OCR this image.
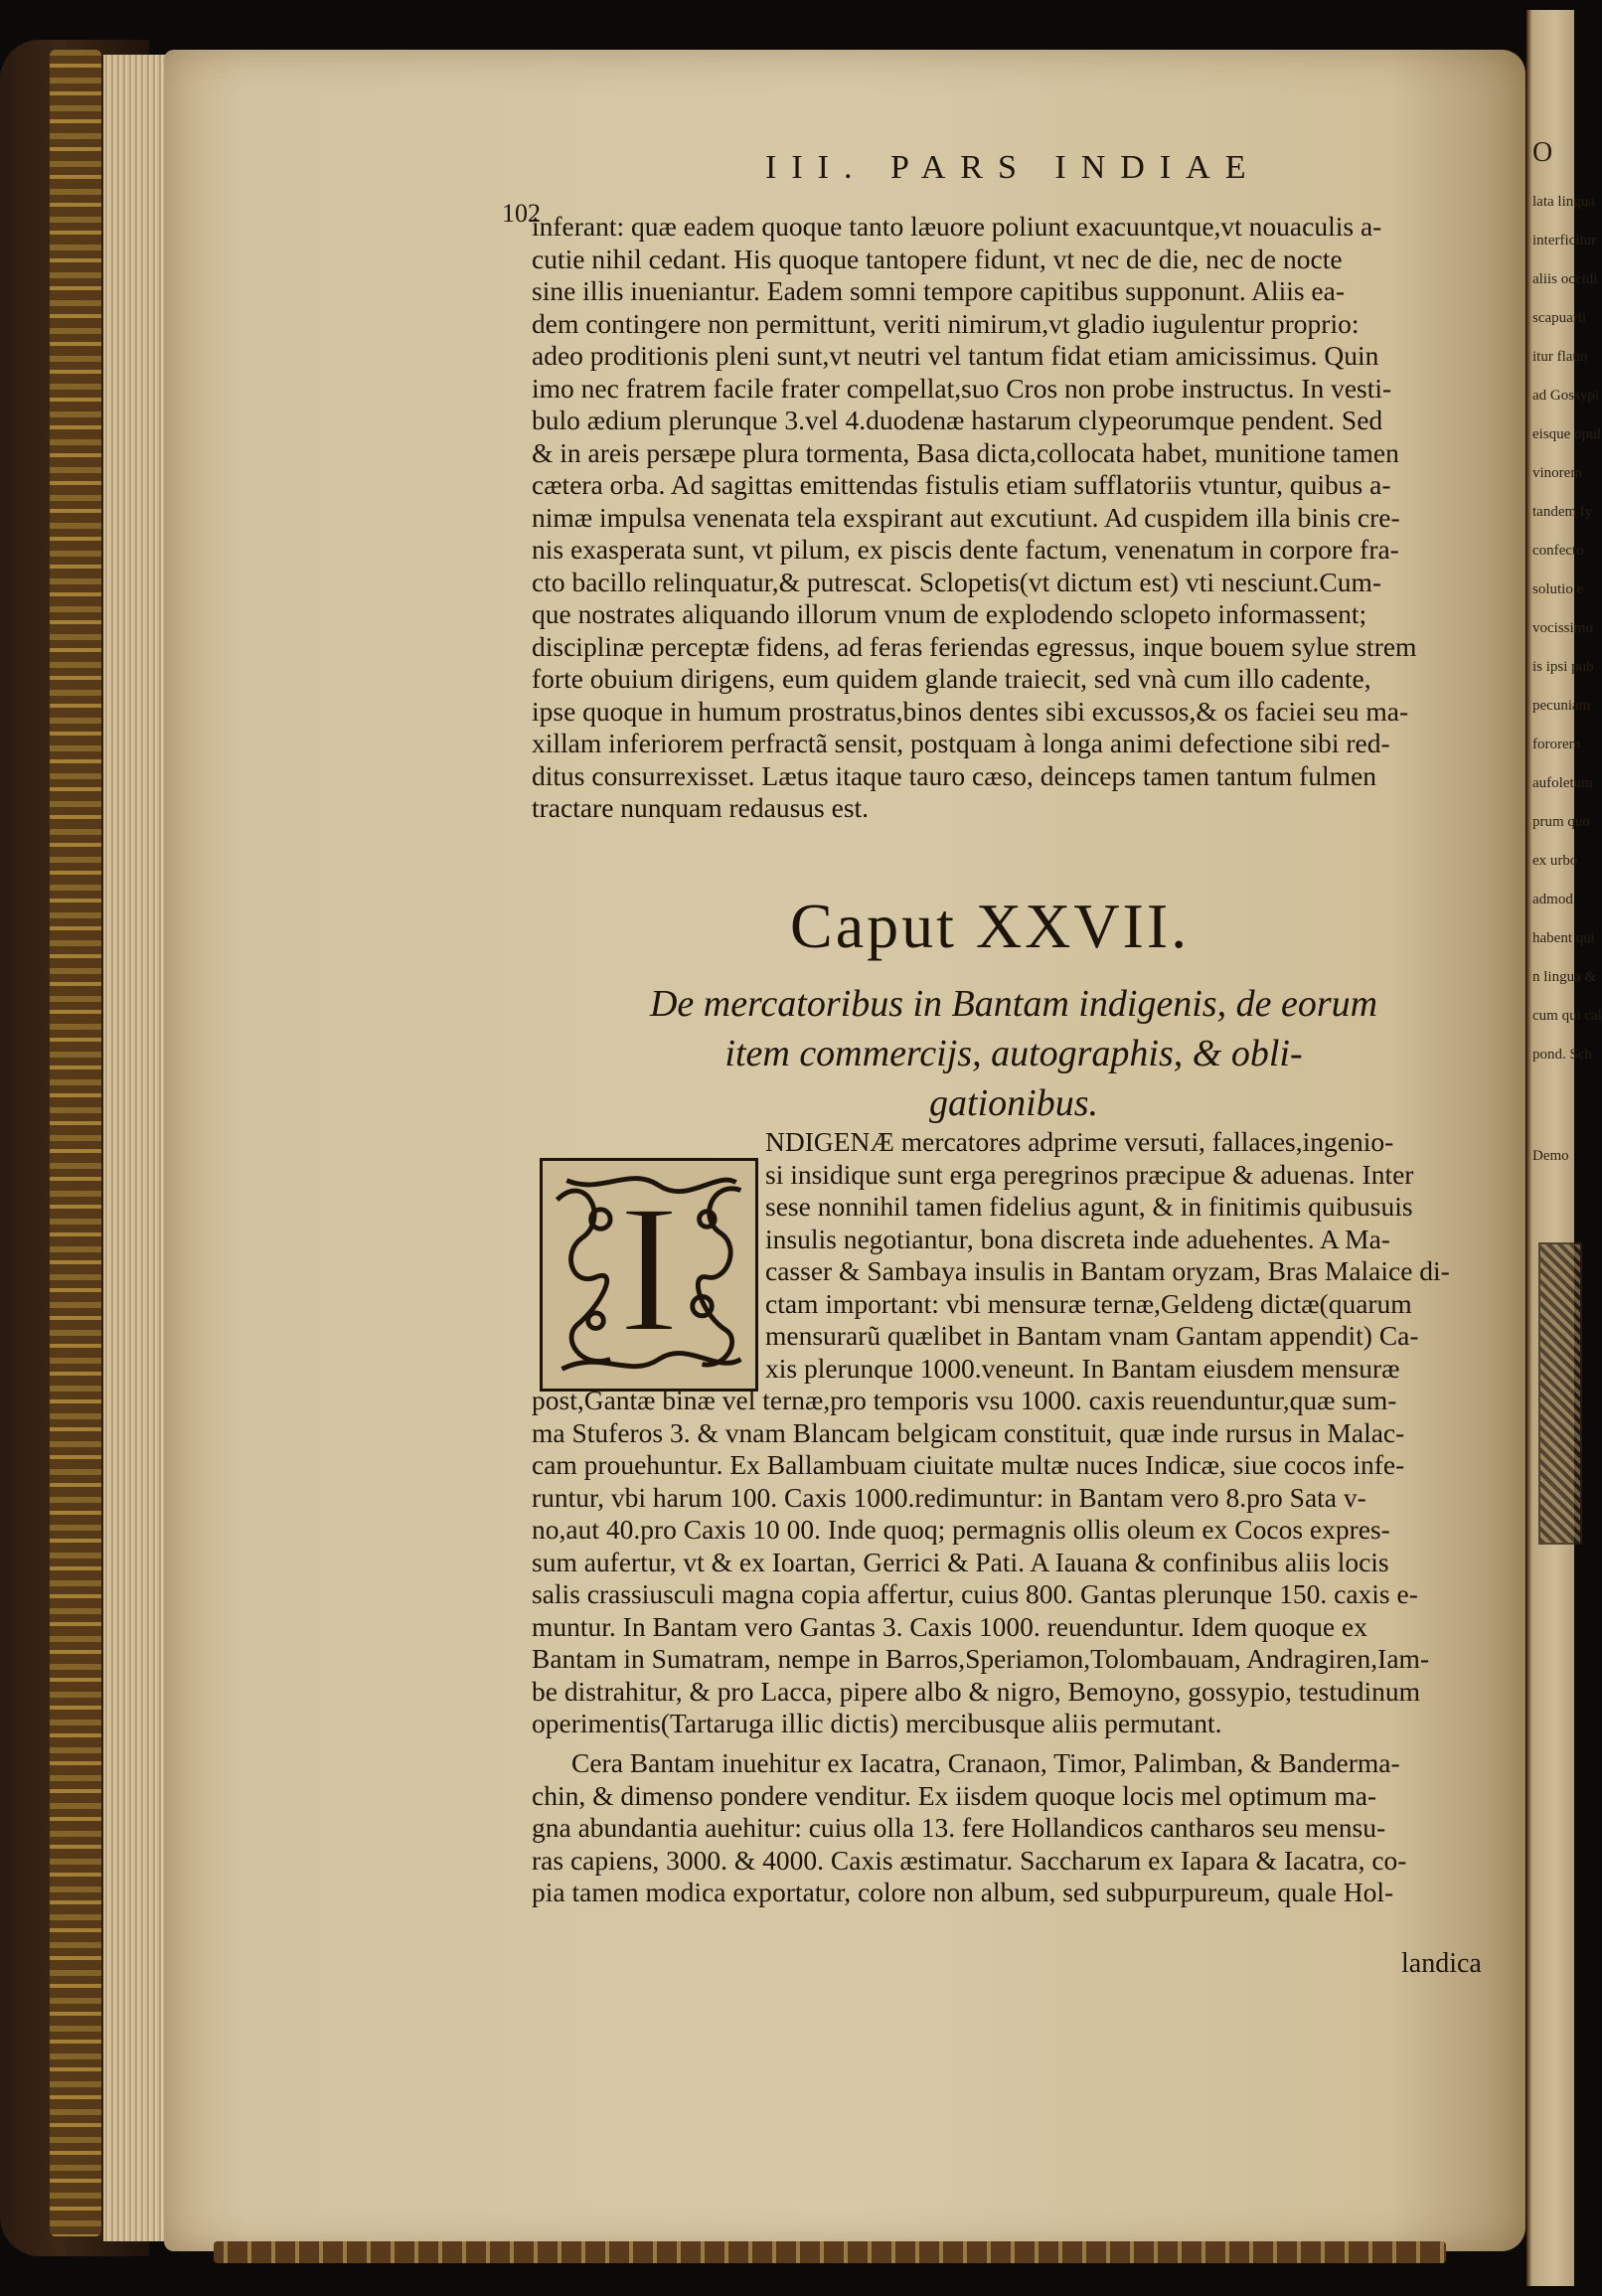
O
lata lingua
interficitur
aliis occidi
scapuarii
itur flaun
ad Gossypi
eisque opul
vinorem
tandem fy
confecto
solutio e
vocissimo
is ipsi pub
pecuniam
fororem
aufoletum
prum quo
ex urbo
admod
habent qui
n lingua &
cum qui cal
pond. Sch
Demo
102
III. PARS INDIAE
inferant: quæ eadem quoque tanto læuore poliunt exacuuntque,vt nouaculis a-
cutie nihil cedant. His quoque tantopere fidunt, vt nec de die, nec de nocte
sine illis inueniantur. Eadem somni tempore capitibus supponunt. Aliis ea-
dem contingere non permittunt, veriti nimirum,vt gladio iugulentur proprio:
adeo proditionis pleni sunt,vt neutri vel tantum fidat etiam amicissimus. Quin
imo nec fratrem facile frater compellat,suo Cros non probe instructus. In vesti-
bulo ædium plerunque 3.vel 4.duodenæ hastarum clypeorumque pendent. Sed
& in areis persæpe plura tormenta, Basa dicta,collocata habet, munitione tamen
cætera orba. Ad sagittas emittendas fistulis etiam sufflatoriis vtuntur, quibus a-
nimæ impulsa venenata tela exspirant aut excutiunt. Ad cuspidem illa binis cre-
nis exasperata sunt, vt pilum, ex piscis dente factum, venenatum in corpore fra-
cto bacillo relinquatur,& putrescat. Sclopetis(vt dictum est) vti nesciunt.Cum-
que nostrates aliquando illorum vnum de explodendo sclopeto informassent;
disciplinæ perceptæ fidens, ad feras feriendas egressus, inque bouem sylue strem
forte obuium dirigens, eum quidem glande traiecit, sed vnà cum illo cadente,
ipse quoque in humum prostratus,binos dentes sibi excussos,& os faciei seu ma-
xillam inferiorem perfractã sensit, postquam à longa animi defectione sibi red-
ditus consurrexisset. Lætus itaque tauro cæso, deinceps tamen tantum fulmen
tractare nunquam redausus est.
Caput XXVII.
De mercatoribus in Bantam indigenis, de eorum
item commercijs, autographis, & obli-
gationibus.
I
NDIGENÆ mercatores adprime versuti, fallaces,ingenio-
si insidique sunt erga peregrinos præcipue & aduenas. Inter
sese nonnihil tamen fidelius agunt, & in finitimis quibusuis
insulis negotiantur, bona discreta inde aduehentes. A Ma-
casser & Sambaya insulis in Bantam oryzam, Bras Malaice di-
ctam important: vbi mensuræ ternæ,Geldeng dictæ(quarum
mensurarũ quælibet in Bantam vnam Gantam appendit) Ca-
xis plerunque 1000.veneunt. In Bantam eiusdem mensuræ
post,Gantæ binæ vel ternæ,pro temporis vsu 1000. caxis reuenduntur,quæ sum-
ma Stuferos 3. & vnam Blancam belgicam constituit, quæ inde rursus in Malac-
cam prouehuntur. Ex Ballambuam ciuitate multæ nuces Indicæ, siue cocos infe-
runtur, vbi harum 100. Caxis 1000.redimuntur: in Bantam vero 8.pro Sata v-
no,aut 40.pro Caxis 10 00. Inde quoq; permagnis ollis oleum ex Cocos expres-
sum aufertur, vt & ex Ioartan, Gerrici & Pati. A Iauana & confinibus aliis locis
salis crassiusculi magna copia affertur, cuius 800. Gantas plerunque 150. caxis e-
muntur. In Bantam vero Gantas 3. Caxis 1000. reuenduntur. Idem quoque ex
Bantam in Sumatram, nempe in Barros,Speriamon,Tolombauam, Andragiren,Iam-
be distrahitur, & pro Lacca, pipere albo & nigro, Bemoyno, gossypio, testudinum
operimentis(Tartaruga illic dictis) mercibusque aliis permutant.
Cera Bantam inuehitur ex Iacatra, Cranaon, Timor, Palimban, & Banderma-
chin, & dimenso pondere venditur. Ex iisdem quoque locis mel optimum ma-
gna abundantia auehitur: cuius olla 13. fere Hollandicos cantharos seu mensu-
ras capiens, 3000. & 4000. Caxis æstimatur. Saccharum ex Iapara & Iacatra, co-
pia tamen modica exportatur, colore non album, sed subpurpureum, quale Hol-
landica
